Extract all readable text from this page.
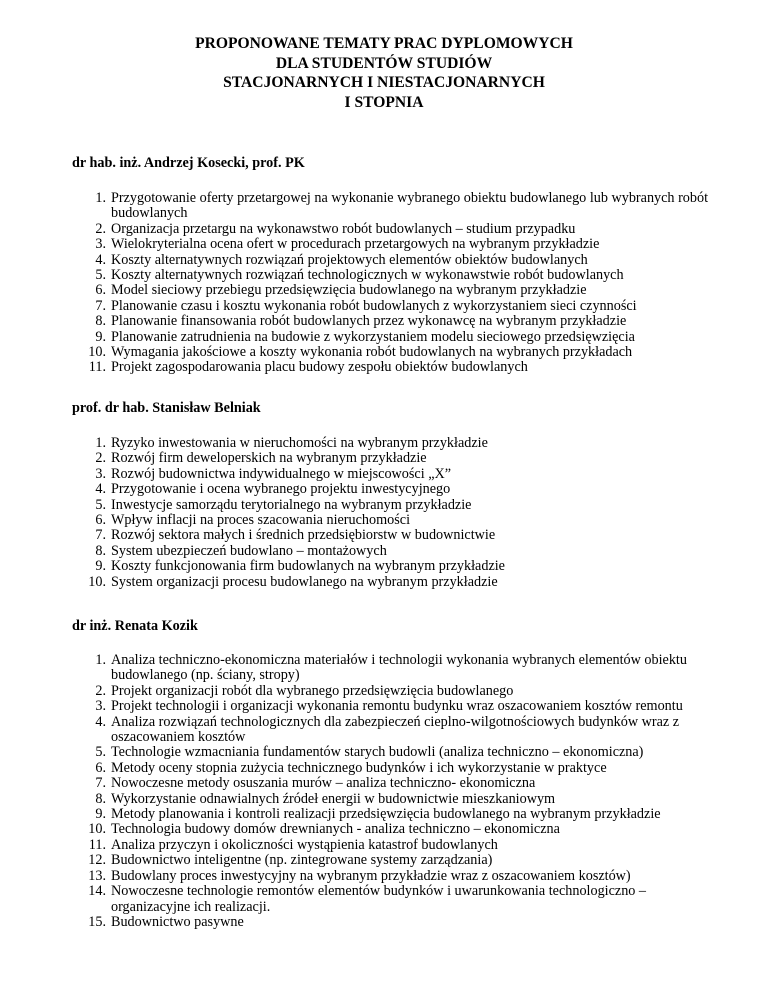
PROPONOWANE TEMATY PRAC DYPLOMOWYCH
DLA STUDENTÓW STUDIÓW
STACJONARNYCH I NIESTACJONARNYCH
I STOPNIA
dr hab. inż. Andrzej Kosecki, prof. PK
1. Przygotowanie oferty przetargowej na wykonanie wybranego obiektu budowlanego lub wybranych robót budowlanych
2. Organizacja przetargu na wykonawstwo robót budowlanych – studium przypadku
3. Wielokryterialna ocena ofert w procedurach przetargowych na wybranym przykładzie
4. Koszty alternatywnych rozwiązań projektowych elementów obiektów budowlanych
5. Koszty alternatywnych rozwiązań technologicznych w wykonawstwie robót budowlanych
6. Model sieciowy przebiegu przedsięwzięcia budowlanego na wybranym przykładzie
7. Planowanie czasu i kosztu wykonania robót budowlanych z wykorzystaniem sieci czynności
8. Planowanie finansowania robót budowlanych przez wykonawcę na wybranym przykładzie
9. Planowanie zatrudnienia na budowie z wykorzystaniem modelu sieciowego przedsięwzięcia
10. Wymagania jakościowe a koszty wykonania robót budowlanych na wybranych przykładach
11. Projekt zagospodarowania placu budowy zespołu obiektów budowlanych
prof. dr hab. Stanisław Belniak
1. Ryzyko inwestowania w nieruchomości na wybranym przykładzie
2. Rozwój firm deweloperskich na wybranym przykładzie
3. Rozwój budownictwa indywidualnego w miejscowości „X”
4. Przygotowanie i ocena wybranego projektu inwestycyjnego
5. Inwestycje samorządu terytorialnego na wybranym przykładzie
6. Wpływ inflacji na proces szacowania nieruchomości
7. Rozwój sektora małych i średnich przedsiębiorstw w budownictwie
8. System ubezpieczeń budowlano – montażowych
9. Koszty funkcjonowania firm budowlanych na wybranym przykładzie
10. System organizacji procesu budowlanego na wybranym przykładzie
dr inż. Renata Kozik
1. Analiza techniczno-ekonomiczna materiałów i technologii wykonania wybranych elementów obiektu budowlanego (np. ściany, stropy)
2. Projekt organizacji robót dla wybranego przedsięwzięcia budowlanego
3. Projekt technologii i organizacji wykonania remontu budynku wraz oszacowaniem kosztów remontu
4. Analiza rozwiązań technologicznych dla zabezpieczeń cieplno-wilgotnościowych budynków wraz z oszacowaniem kosztów
5. Technologie wzmacniania fundamentów starych budowli (analiza techniczno – ekonomiczna)
6. Metody oceny stopnia zużycia technicznego budynków i ich wykorzystanie w praktyce
7. Nowoczesne metody osuszania murów – analiza techniczno- ekonomiczna
8. Wykorzystanie odnawialnych źródeł energii w budownictwie mieszkaniowym
9. Metody planowania i kontroli realizacji przedsięwzięcia budowlanego na wybranym przykładzie
10. Technologia budowy domów drewnianych - analiza techniczno – ekonomiczna
11. Analiza przyczyn i okoliczności wystąpienia katastrof budowlanych
12. Budownictwo inteligentne (np. zintegrowane systemy zarządzania)
13. Budowlany proces inwestycyjny na wybranym przykładzie wraz z oszacowaniem kosztów)
14. Nowoczesne technologie remontów elementów budynków i uwarunkowania technologiczno – organizacyjne ich realizacji.
15. Budownictwo pasywne
